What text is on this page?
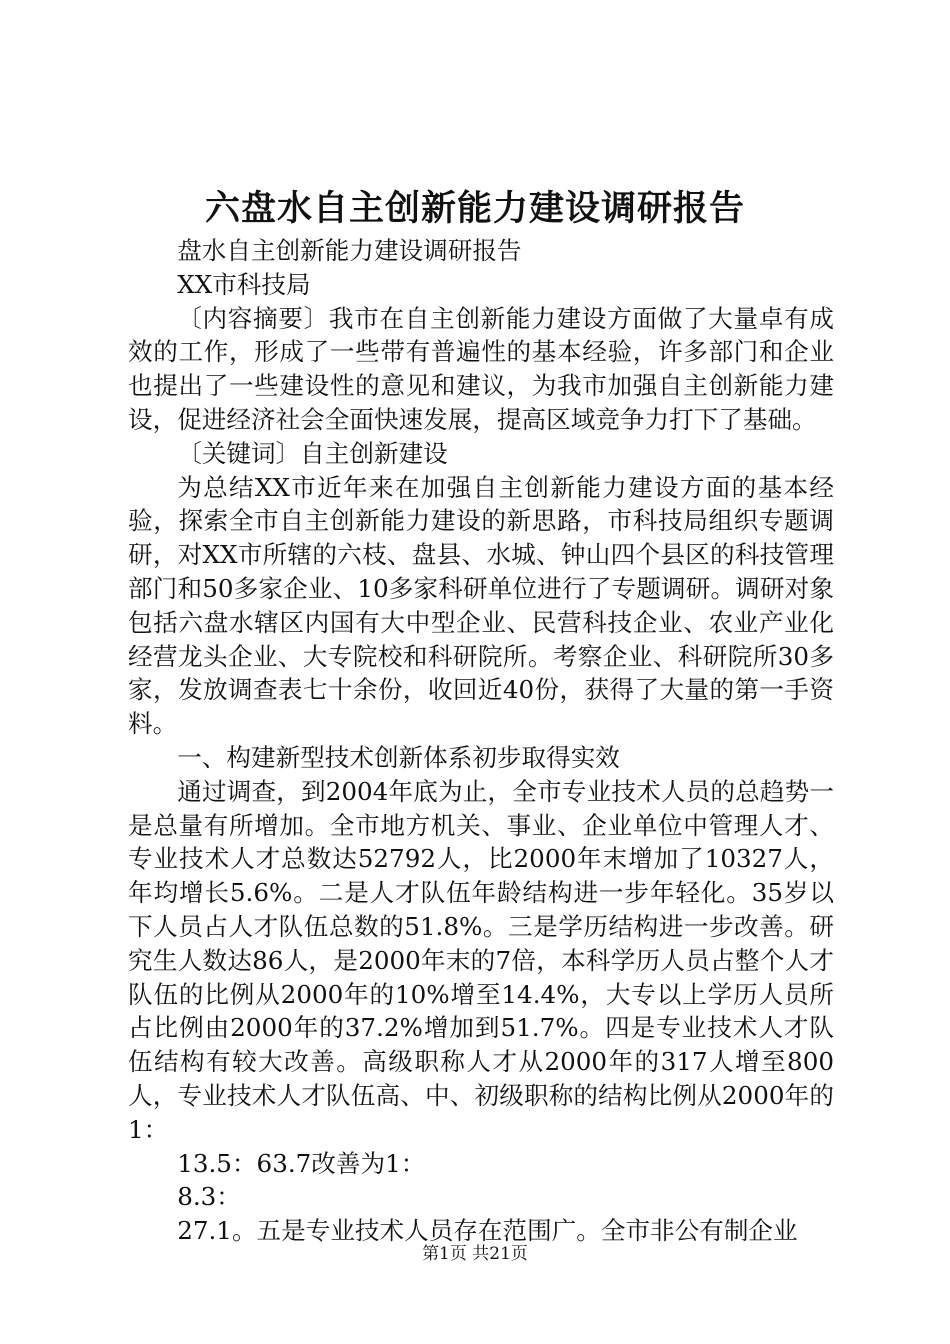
六盘水自主创新能力建设调研报告

盘水自主创新能力建设调研报告

XX市科技局

〔内容摘要〕我市在自主创新能力建设方面做了大量卓有成效的工作，形成了一些带有普遍性的基本经验，许多部门和企业也提出了一些建设性的意见和建议，为我市加强自主创新能力建设，促进经济社会全面快速发展，提高区域竞争力打下了基础。

〔关键词〕自主创新建设

为总结XX市近年来在加强自主创新能力建设方面的基本经验，探索全市自主创新能力建设的新思路，市科技局组织专题调研，对XX市所辖的六枝、盘县、水城、钟山四个县区的科技管理部门和50多家企业、10多家科研单位进行了专题调研。调研对象包括六盘水辖区内国有大中型企业、民营科技企业、农业产业化经营龙头企业、大专院校和科研院所。考察企业、科研院所30多家，发放调查表七十余份，收回近40份，获得了大量的第一手资料。

一、构建新型技术创新体系初步取得实效

通过调查，到2004年底为止，全市专业技术人员的总趋势一是总量有所增加。全市地方机关、事业、企业单位中管理人才、专业技术人才总数达52792人，比2000年末增加了10327人，年均增长5.6%。二是人才队伍年龄结构进一步年轻化。35岁以下人员占人才队伍总数的51.8%。三是学历结构进一步改善。研究生人数达86人，是2000年末的7倍，本科学历人员占整个人才队伍的比例从2000年的10%增至14.4%，大专以上学历人员所占比例由2000年的37.2%增加到51.7%。四是专业技术人才队伍结构有较大改善。高级职称人才从2000年的317人增至800人，专业技术人才队伍高、中、初级职称的结构比例从2000年的1：

13.5：63.7改善为1：

8.3：

27.1。五是专业技术人员存在范围广。全市非公有制企业

第1页 共21页
